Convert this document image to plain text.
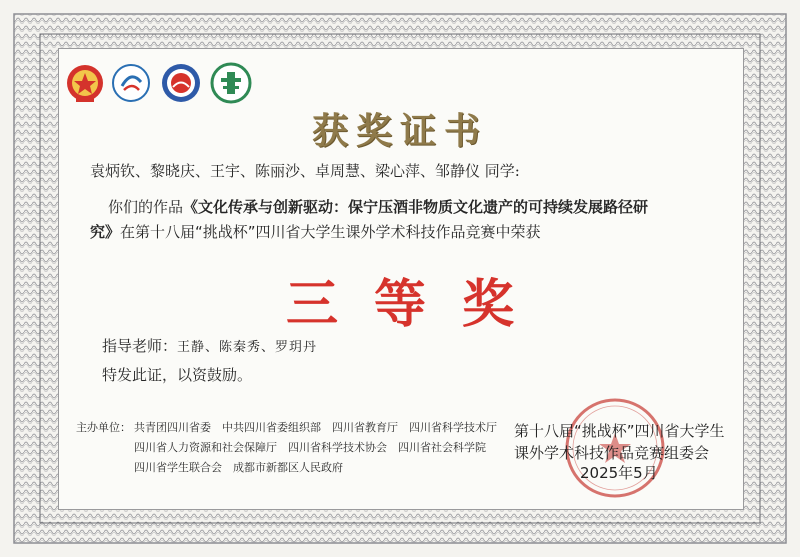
获奖证书
袁炳钦、黎晓庆、王宇、陈丽沙、卓周慧、梁心萍、邹静仪 同学:
你们的作品《文化传承与创新驱动：保宁压酒非物质文化遗产的可持续发展路径研
究》在第十八届“挑战杯”四川省大学生课外学术科技作品竞赛中荣获
三等奖
指导老师：王静、陈秦秀、罗玥丹
特发此证，以资鼓励。
主办单位： 共青团四川省委　中共四川省委组织部　四川省教育厅　四川省科学技术厅
四川省人力资源和社会保障厅　四川省科学技术协会　四川省社会科学院
四川省学生联合会　成都市新都区人民政府
第十八届“挑战杯”四川省大学生
课外学术科技作品竞赛组委会
2025年5月
